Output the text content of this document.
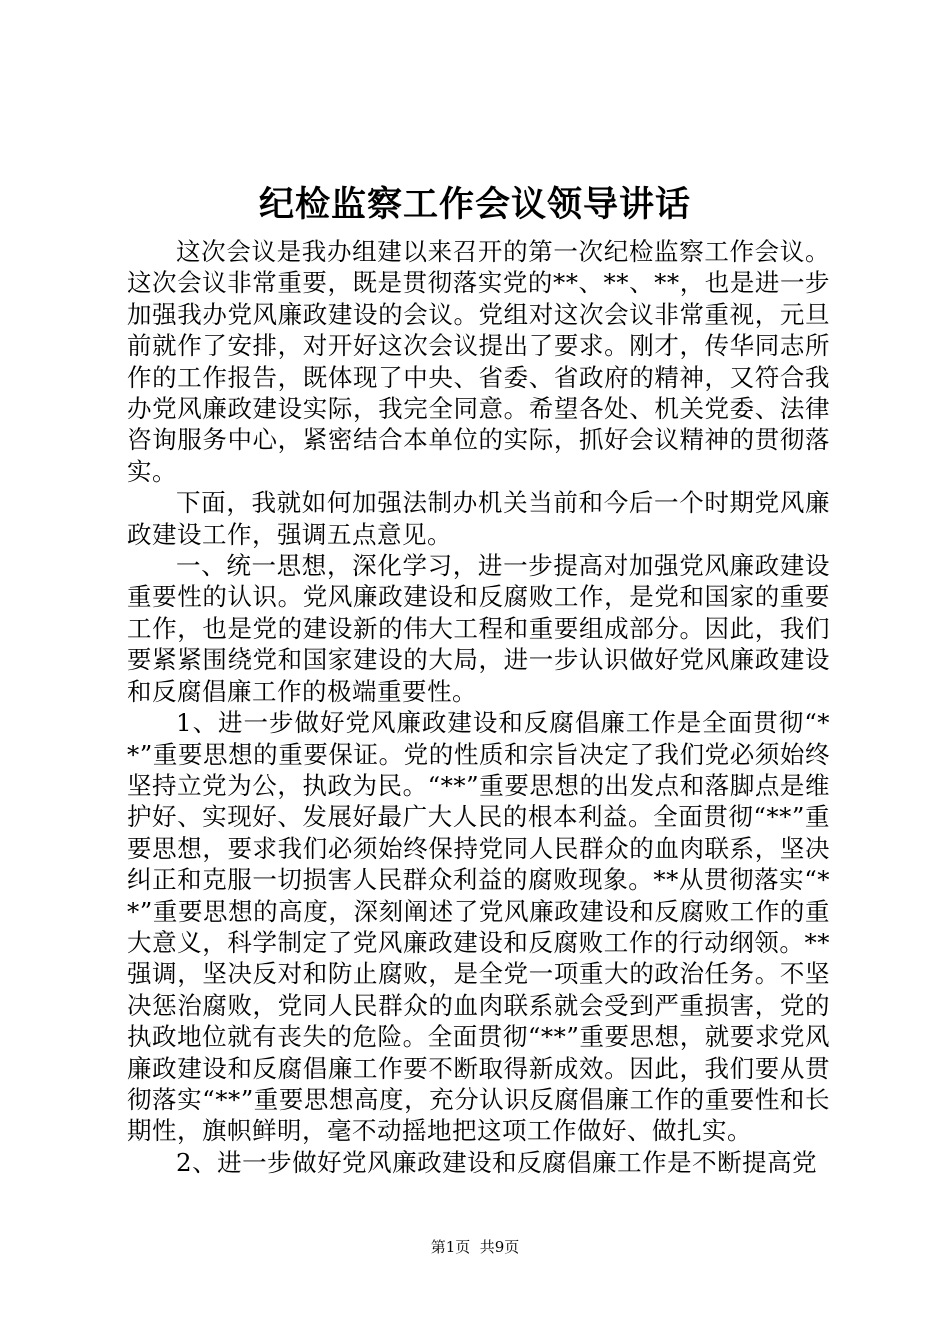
纪检监察工作会议领导讲话

这次会议是我办组建以来召开的第一次纪检监察工作会议。这次会议非常重要，既是贯彻落实党的**、**、**，也是进一步加强我办党风廉政建设的会议。党组对这次会议非常重视，元旦前就作了安排，对开好这次会议提出了要求。刚才，传华同志所作的工作报告，既体现了中央、省委、省政府的精神，又符合我办党风廉政建设实际，我完全同意。希望各处、机关党委、法律咨询服务中心，紧密结合本单位的实际，抓好会议精神的贯彻落实。

下面，我就如何加强法制办机关当前和今后一个时期党风廉政建设工作，强调五点意见。

一、统一思想，深化学习，进一步提高对加强党风廉政建设重要性的认识。党风廉政建设和反腐败工作，是党和国家的重要工作，也是党的建设新的伟大工程和重要组成部分。因此，我们要紧紧围绕党和国家建设的大局，进一步认识做好党风廉政建设和反腐倡廉工作的极端重要性。

1、进一步做好党风廉政建设和反腐倡廉工作是全面贯彻“**”重要思想的重要保证。党的性质和宗旨决定了我们党必须始终坚持立党为公，执政为民。“**”重要思想的出发点和落脚点是维护好、实现好、发展好最广大人民的根本利益。全面贯彻“**”重要思想，要求我们必须始终保持党同人民群众的血肉联系，坚决纠正和克服一切损害人民群众利益的腐败现象。**从贯彻落实“**”重要思想的高度，深刻阐述了党风廉政建设和反腐败工作的重大意义，科学制定了党风廉政建设和反腐败工作的行动纲领。**强调，坚决反对和防止腐败，是全党一项重大的政治任务。不坚决惩治腐败，党同人民群众的血肉联系就会受到严重损害，党的执政地位就有丧失的危险。全面贯彻“**”重要思想，就要求党风廉政建设和反腐倡廉工作要不断取得新成效。因此，我们要从贯彻落实“**”重要思想高度，充分认识反腐倡廉工作的重要性和长期性，旗帜鲜明，毫不动摇地把这项工作做好、做扎实。

2、进一步做好党风廉政建设和反腐倡廉工作是不断提高党

第1页  共9页
